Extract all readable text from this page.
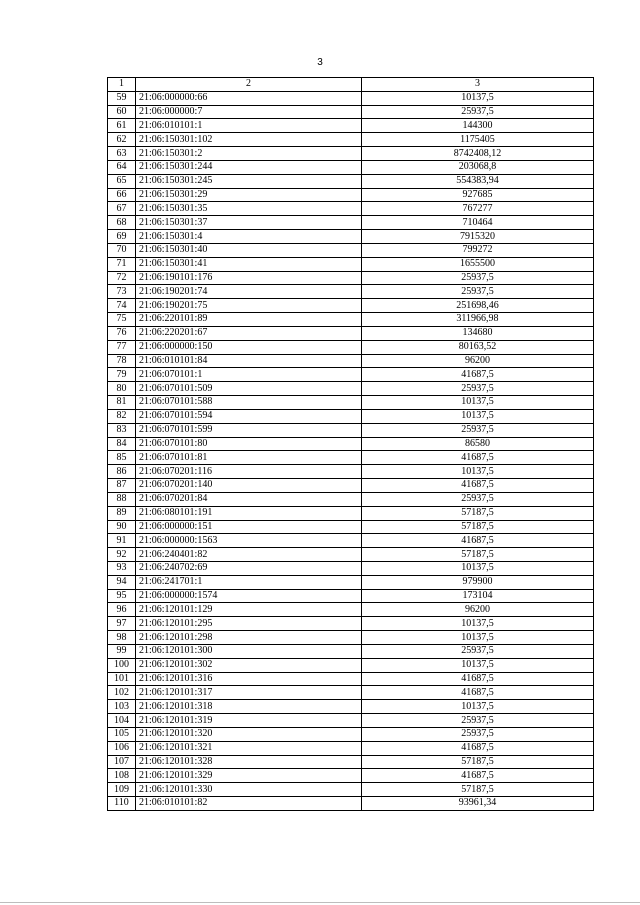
3
1	2	3
59	21:06:000000:66	10137,5
60	21:06:000000:7	25937,5
61	21:06:010101:1	144300
62	21:06:150301:102	1175405
63	21:06:150301:2	8742408,12
64	21:06:150301:244	203068,8
65	21:06:150301:245	554383,94
66	21:06:150301:29	927685
67	21:06:150301:35	767277
68	21:06:150301:37	710464
69	21:06:150301:4	7915320
70	21:06:150301:40	799272
71	21:06:150301:41	1655500
72	21:06:190101:176	25937,5
73	21:06:190201:74	25937,5
74	21:06:190201:75	251698,46
75	21:06:220101:89	311966,98
76	21:06:220201:67	134680
77	21:06:000000:150	80163,52
78	21:06:010101:84	96200
79	21:06:070101:1	41687,5
80	21:06:070101:509	25937,5
81	21:06:070101:588	10137,5
82	21:06:070101:594	10137,5
83	21:06:070101:599	25937,5
84	21:06:070101:80	86580
85	21:06:070101:81	41687,5
86	21:06:070201:116	10137,5
87	21:06:070201:140	41687,5
88	21:06:070201:84	25937,5
89	21:06:080101:191	57187,5
90	21:06:000000:151	57187,5
91	21:06:000000:1563	41687,5
92	21:06:240401:82	57187,5
93	21:06:240702:69	10137,5
94	21:06:241701:1	979900
95	21:06:000000:1574	173104
96	21:06:120101:129	96200
97	21:06:120101:295	10137,5
98	21:06:120101:298	10137,5
99	21:06:120101:300	25937,5
100	21:06:120101:302	10137,5
101	21:06:120101:316	41687,5
102	21:06:120101:317	41687,5
103	21:06:120101:318	10137,5
104	21:06:120101:319	25937,5
105	21:06:120101:320	25937,5
106	21:06:120101:321	41687,5
107	21:06:120101:328	57187,5
108	21:06:120101:329	41687,5
109	21:06:120101:330	57187,5
110	21:06:010101:82	93961,34
